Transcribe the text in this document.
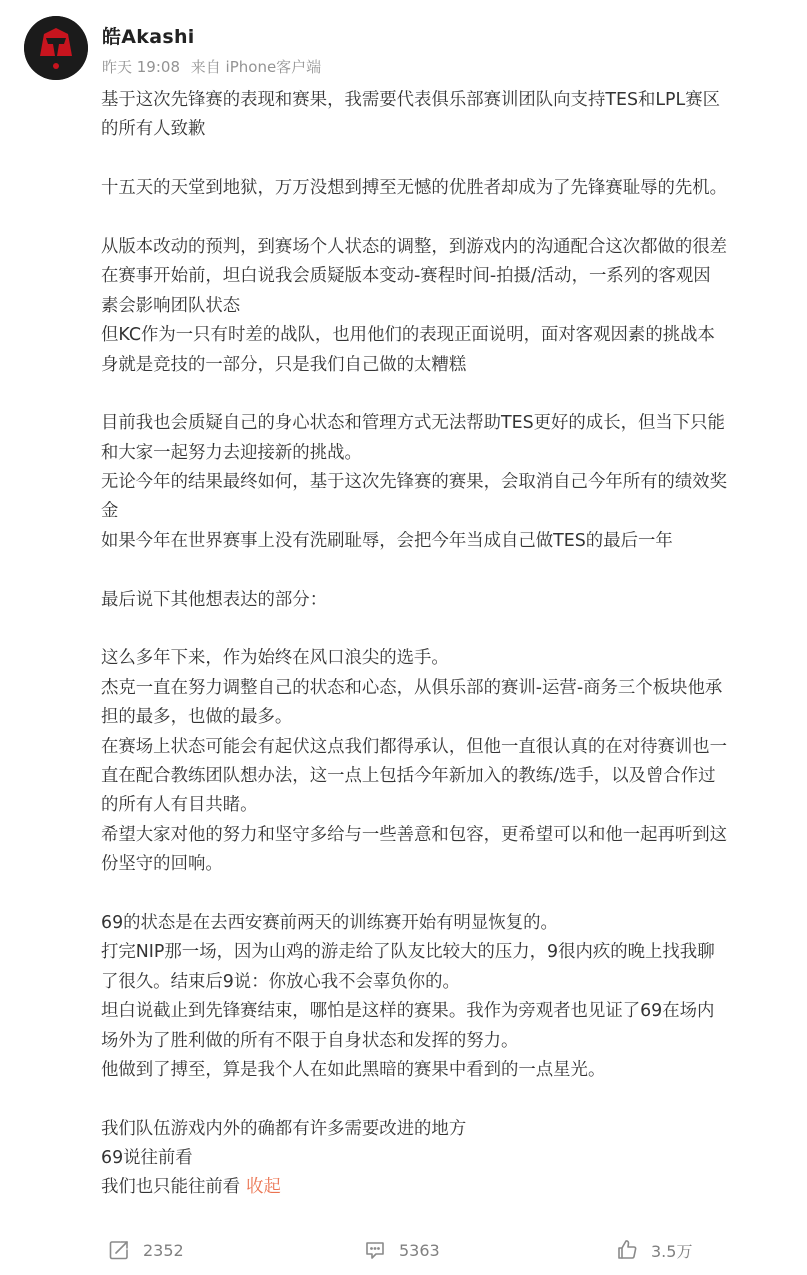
皓Akashi
昨天 19:08 来自 iPhone客户端
基于这次先锋赛的表现和赛果，我需要代表俱乐部赛训团队向支持TES和LPL赛区
的所有人致歉
十五天的天堂到地狱，万万没想到搏至无憾的优胜者却成为了先锋赛耻辱的先机。
从版本改动的预判，到赛场个人状态的调整，到游戏内的沟通配合这次都做的很差
在赛事开始前，坦白说我会质疑版本变动-赛程时间-拍摄/活动，一系列的客观因
素会影响团队状态
但KC作为一只有时差的战队，也用他们的表现正面说明，面对客观因素的挑战本
身就是竞技的一部分，只是我们自己做的太糟糕
目前我也会质疑自己的身心状态和管理方式无法帮助TES更好的成长，但当下只能
和大家一起努力去迎接新的挑战。
无论今年的结果最终如何，基于这次先锋赛的赛果，会取消自己今年所有的绩效奖
金
如果今年在世界赛事上没有洗刷耻辱，会把今年当成自己做TES的最后一年
最后说下其他想表达的部分：
这么多年下来，作为始终在风口浪尖的选手。
杰克一直在努力调整自己的状态和心态，从俱乐部的赛训-运营-商务三个板块他承
担的最多，也做的最多。
在赛场上状态可能会有起伏这点我们都得承认，但他一直很认真的在对待赛训也一
直在配合教练团队想办法，这一点上包括今年新加入的教练/选手，以及曾合作过
的所有人有目共睹。
希望大家对他的努力和坚守多给与一些善意和包容，更希望可以和他一起再听到这
份坚守的回响。
69的状态是在去西安赛前两天的训练赛开始有明显恢复的。
打完NIP那一场，因为山鸡的游走给了队友比较大的压力，9很内疚的晚上找我聊
了很久。结束后9说：你放心我不会辜负你的。
坦白说截止到先锋赛结束，哪怕是这样的赛果。我作为旁观者也见证了69在场内
场外为了胜利做的所有不限于自身状态和发挥的努力。
他做到了搏至，算是我个人在如此黑暗的赛果中看到的一点星光。
我们队伍游戏内外的确都有许多需要改进的地方
69说往前看
我们也只能往前看 收起
2352	5363	3.5万
